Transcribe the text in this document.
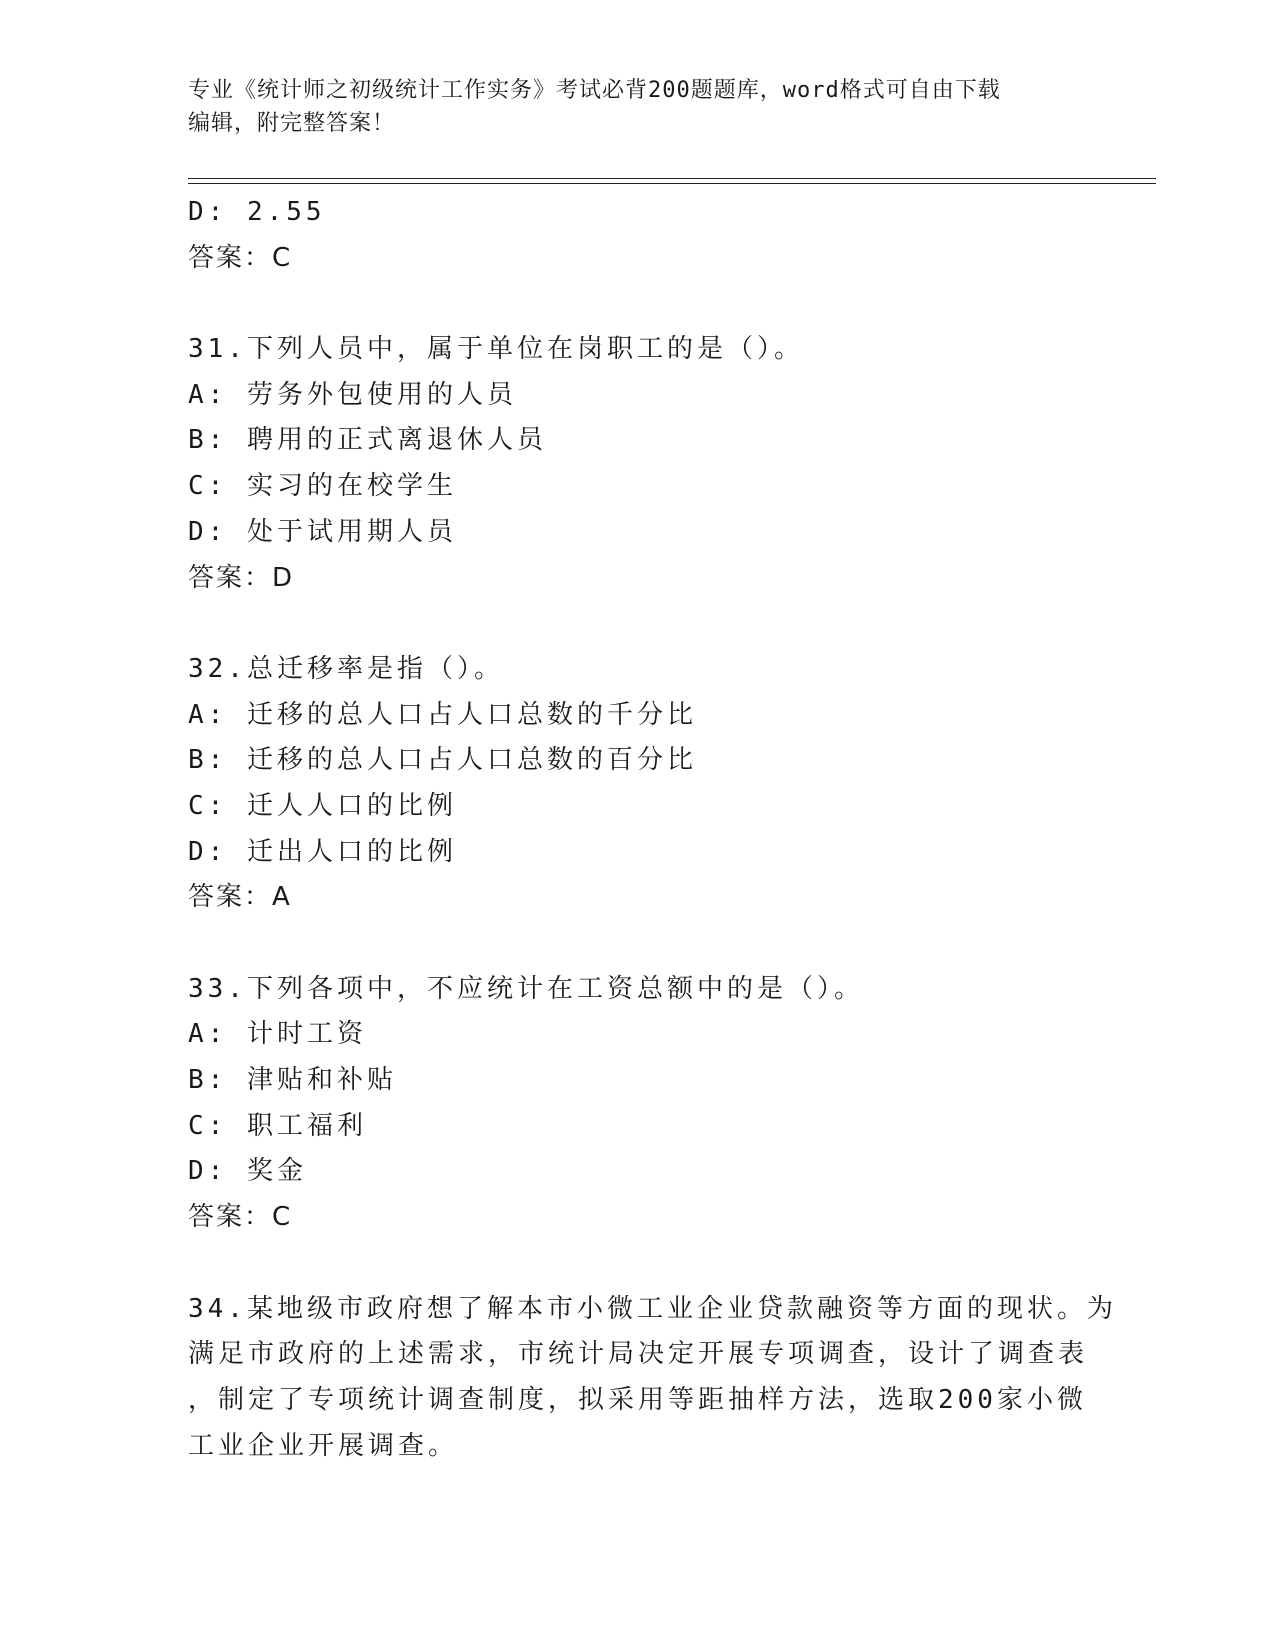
专业《统计师之初级统计工作实务》考试必背200题题库，word格式可自由下载
编辑，附完整答案！
D: 2.55
答案：C
31.下列人员中，属于单位在岗职工的是（）。
A: 劳务外包使用的人员
B: 聘用的正式离退休人员
C: 实习的在校学生
D: 处于试用期人员
答案：D
32.总迁移率是指（）。
A: 迁移的总人口占人口总数的千分比
B: 迁移的总人口占人口总数的百分比
C: 迁人人口的比例
D: 迁出人口的比例
答案：A
33.下列各项中，不应统计在工资总额中的是（）。
A: 计时工资
B: 津贴和补贴
C: 职工福利
D: 奖金
答案：C
34.某地级市政府想了解本市小微工业企业贷款融资等方面的现状。为
满足市政府的上述需求，市统计局决定开展专项调查，设计了调查表
，制定了专项统计调查制度，拟采用等距抽样方法，选取200家小微
工业企业开展调查。
